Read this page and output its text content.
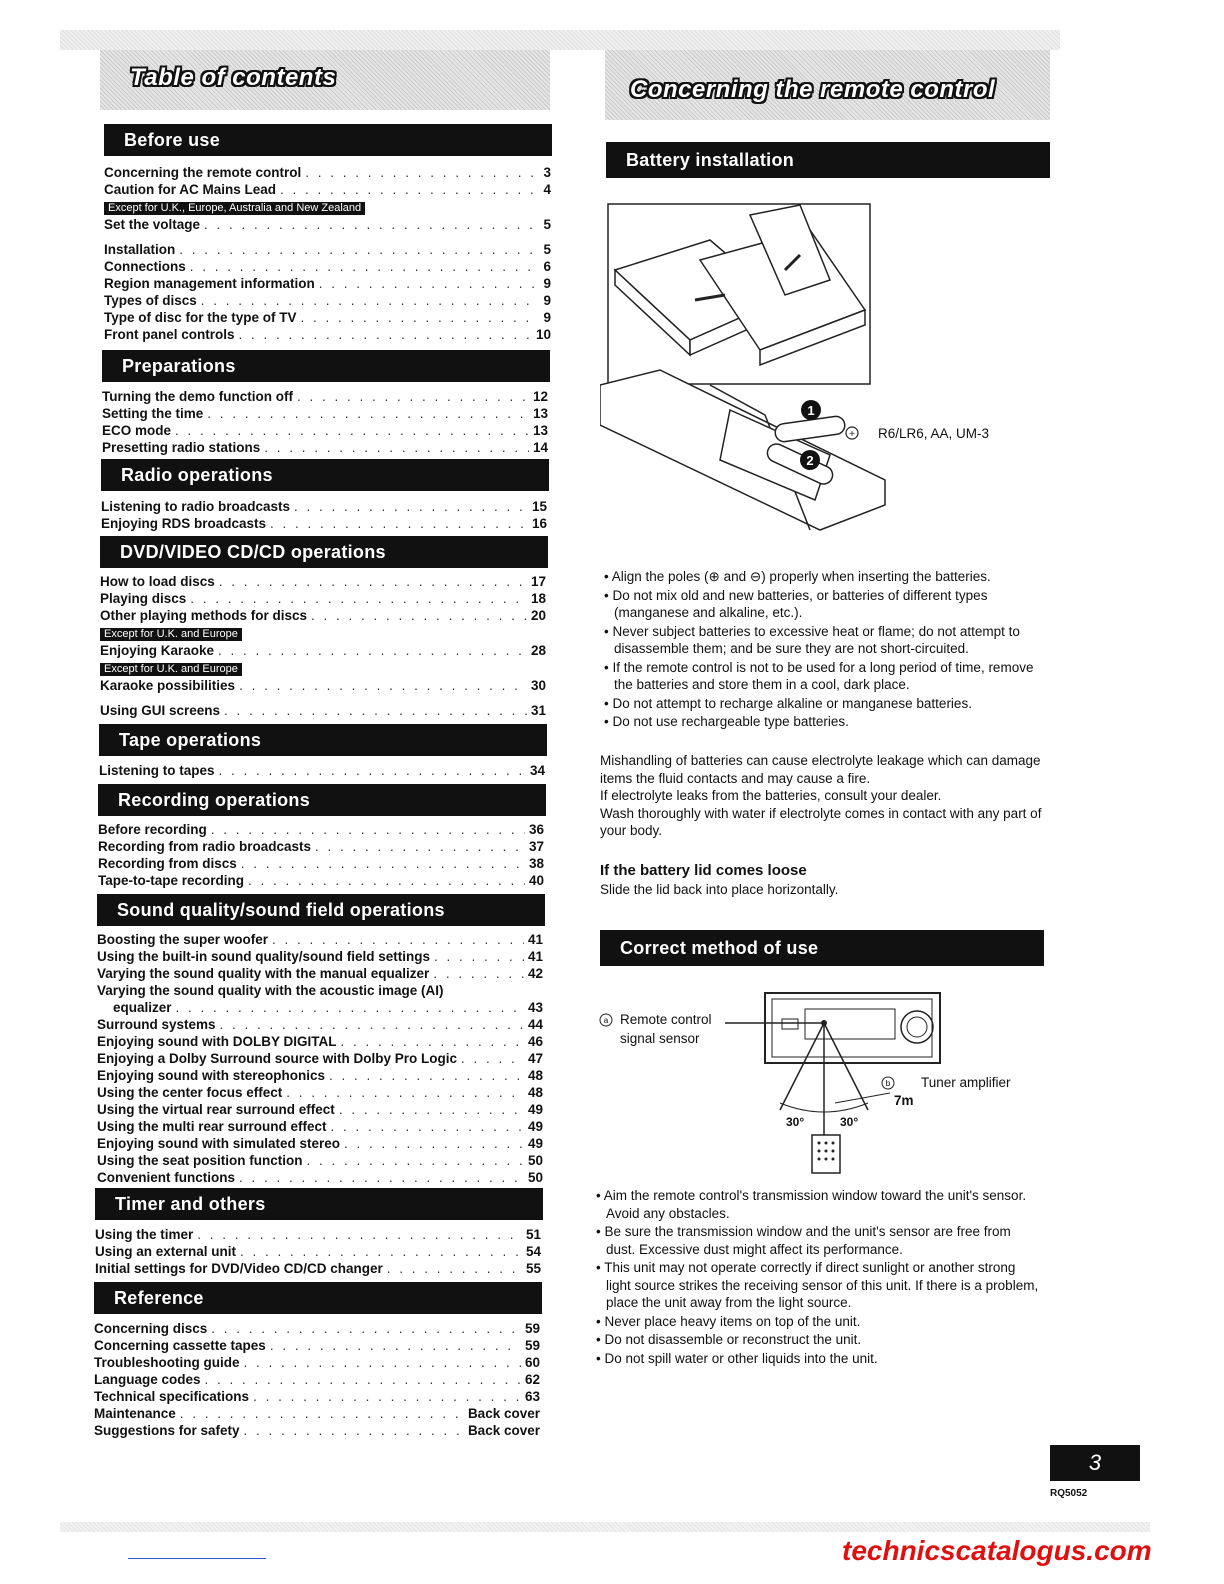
Table of contents
Before use
Concerning the remote control . . .	3
Caution for AC Mains Lead . . .	4
Except for U.K., Europe, Australia and New Zealand
Set the voltage . . .	5
Installation . . .	5
Connections . . .	6
Region management information . . .	9
Types of discs . . .	9
Type of disc for the type of TV . . .	9
Front panel controls . . .	10
Preparations
Turning the demo function off . . .	12
Setting the time . . .	13
ECO mode . . .	13
Presetting radio stations . . .	14
Radio operations
Listening to radio broadcasts . . .	15
Enjoying RDS broadcasts . . .	16
DVD/VIDEO CD/CD operations
How to load discs . . .	17
Playing discs . . .	18
Other playing methods for discs . . .	20
Except for U.K. and Europe
Enjoying Karaoke . . .	28
Except for U.K. and Europe
Karaoke possibilities . . .	30
Using GUI screens . . .	31
Tape operations
Listening to tapes . . .	34
Recording operations
Before recording . . .	36
Recording from radio broadcasts . . .	37
Recording from discs . . .	38
Tape-to-tape recording . . .	40
Sound quality/sound field operations
Boosting the super woofer . . .	41
Using the built-in sound quality/sound field settings . . .	41
Varying the sound quality with the manual equalizer . . .	42
Varying the sound quality with the acoustic image (AI)
equalizer . . .	43
Surround systems . . .	44
Enjoying sound with DOLBY DIGITAL . . .	46
Enjoying a Dolby Surround source with Dolby Pro Logic . . .	47
Enjoying sound with stereophonics . . .	48
Using the center focus effect . . .	48
Using the virtual rear surround effect . . .	49
Using the multi rear surround effect . . .	49
Enjoying sound with simulated stereo . . .	49
Using the seat position function . . .	50
Convenient functions . . .	50
Timer and others
Using the timer . . .	51
Using an external unit . . .	54
Initial settings for DVD/Video CD/CD changer . . .	55
Reference
Concerning discs . . .	59
Concerning cassette tapes . . .	59
Troubleshooting guide . . .	60
Language codes . . .	62
Technical specifications . . .	63
Maintenance . . .	Back cover
Suggestions for safety . . .	Back cover
Concerning the remote control
Battery installation
1
2
+ R6/LR6, AA, UM-3

• Align the poles (⊕ and ⊖) properly when inserting the batteries.

• Do not mix old and new batteries, or batteries of different types (manganese and alkaline, etc.).

• Never subject batteries to excessive heat or flame; do not attempt to disassemble them; and be sure they are not short-circuited.

• If the remote control is not to be used for a long period of time, remove the batteries and store them in a cool, dark place.

• Do not attempt to recharge alkaline or manganese batteries.

• Do not use rechargeable type batteries.

Mishandling of batteries can cause electrolyte leakage which can damage items the fluid contacts and may cause a fire.

If electrolyte leaks from the batteries, consult your dealer.

Wash thoroughly with water if electrolyte comes in contact with any part of your body.

If the battery lid comes loose
Slide the lid back into place horizontally.
Correct method of use
a
b
Remote control
signal sensor
Tuner amplifier
7m
30°	30°

• Aim the remote control's transmission window toward the unit's sensor. Avoid any obstacles.

• Be sure the transmission window and the unit's sensor are free from dust. Excessive dust might affect its performance.

• This unit may not operate correctly if direct sunlight or another strong light source strikes the receiving sensor of this unit. If there is a problem, place the unit away from the light source.

• Never place heavy items on top of the unit.

• Do not disassemble or reconstruct the unit.

• Do not spill water or other liquids into the unit.

3
RQ5052
technicscatalogus.com
